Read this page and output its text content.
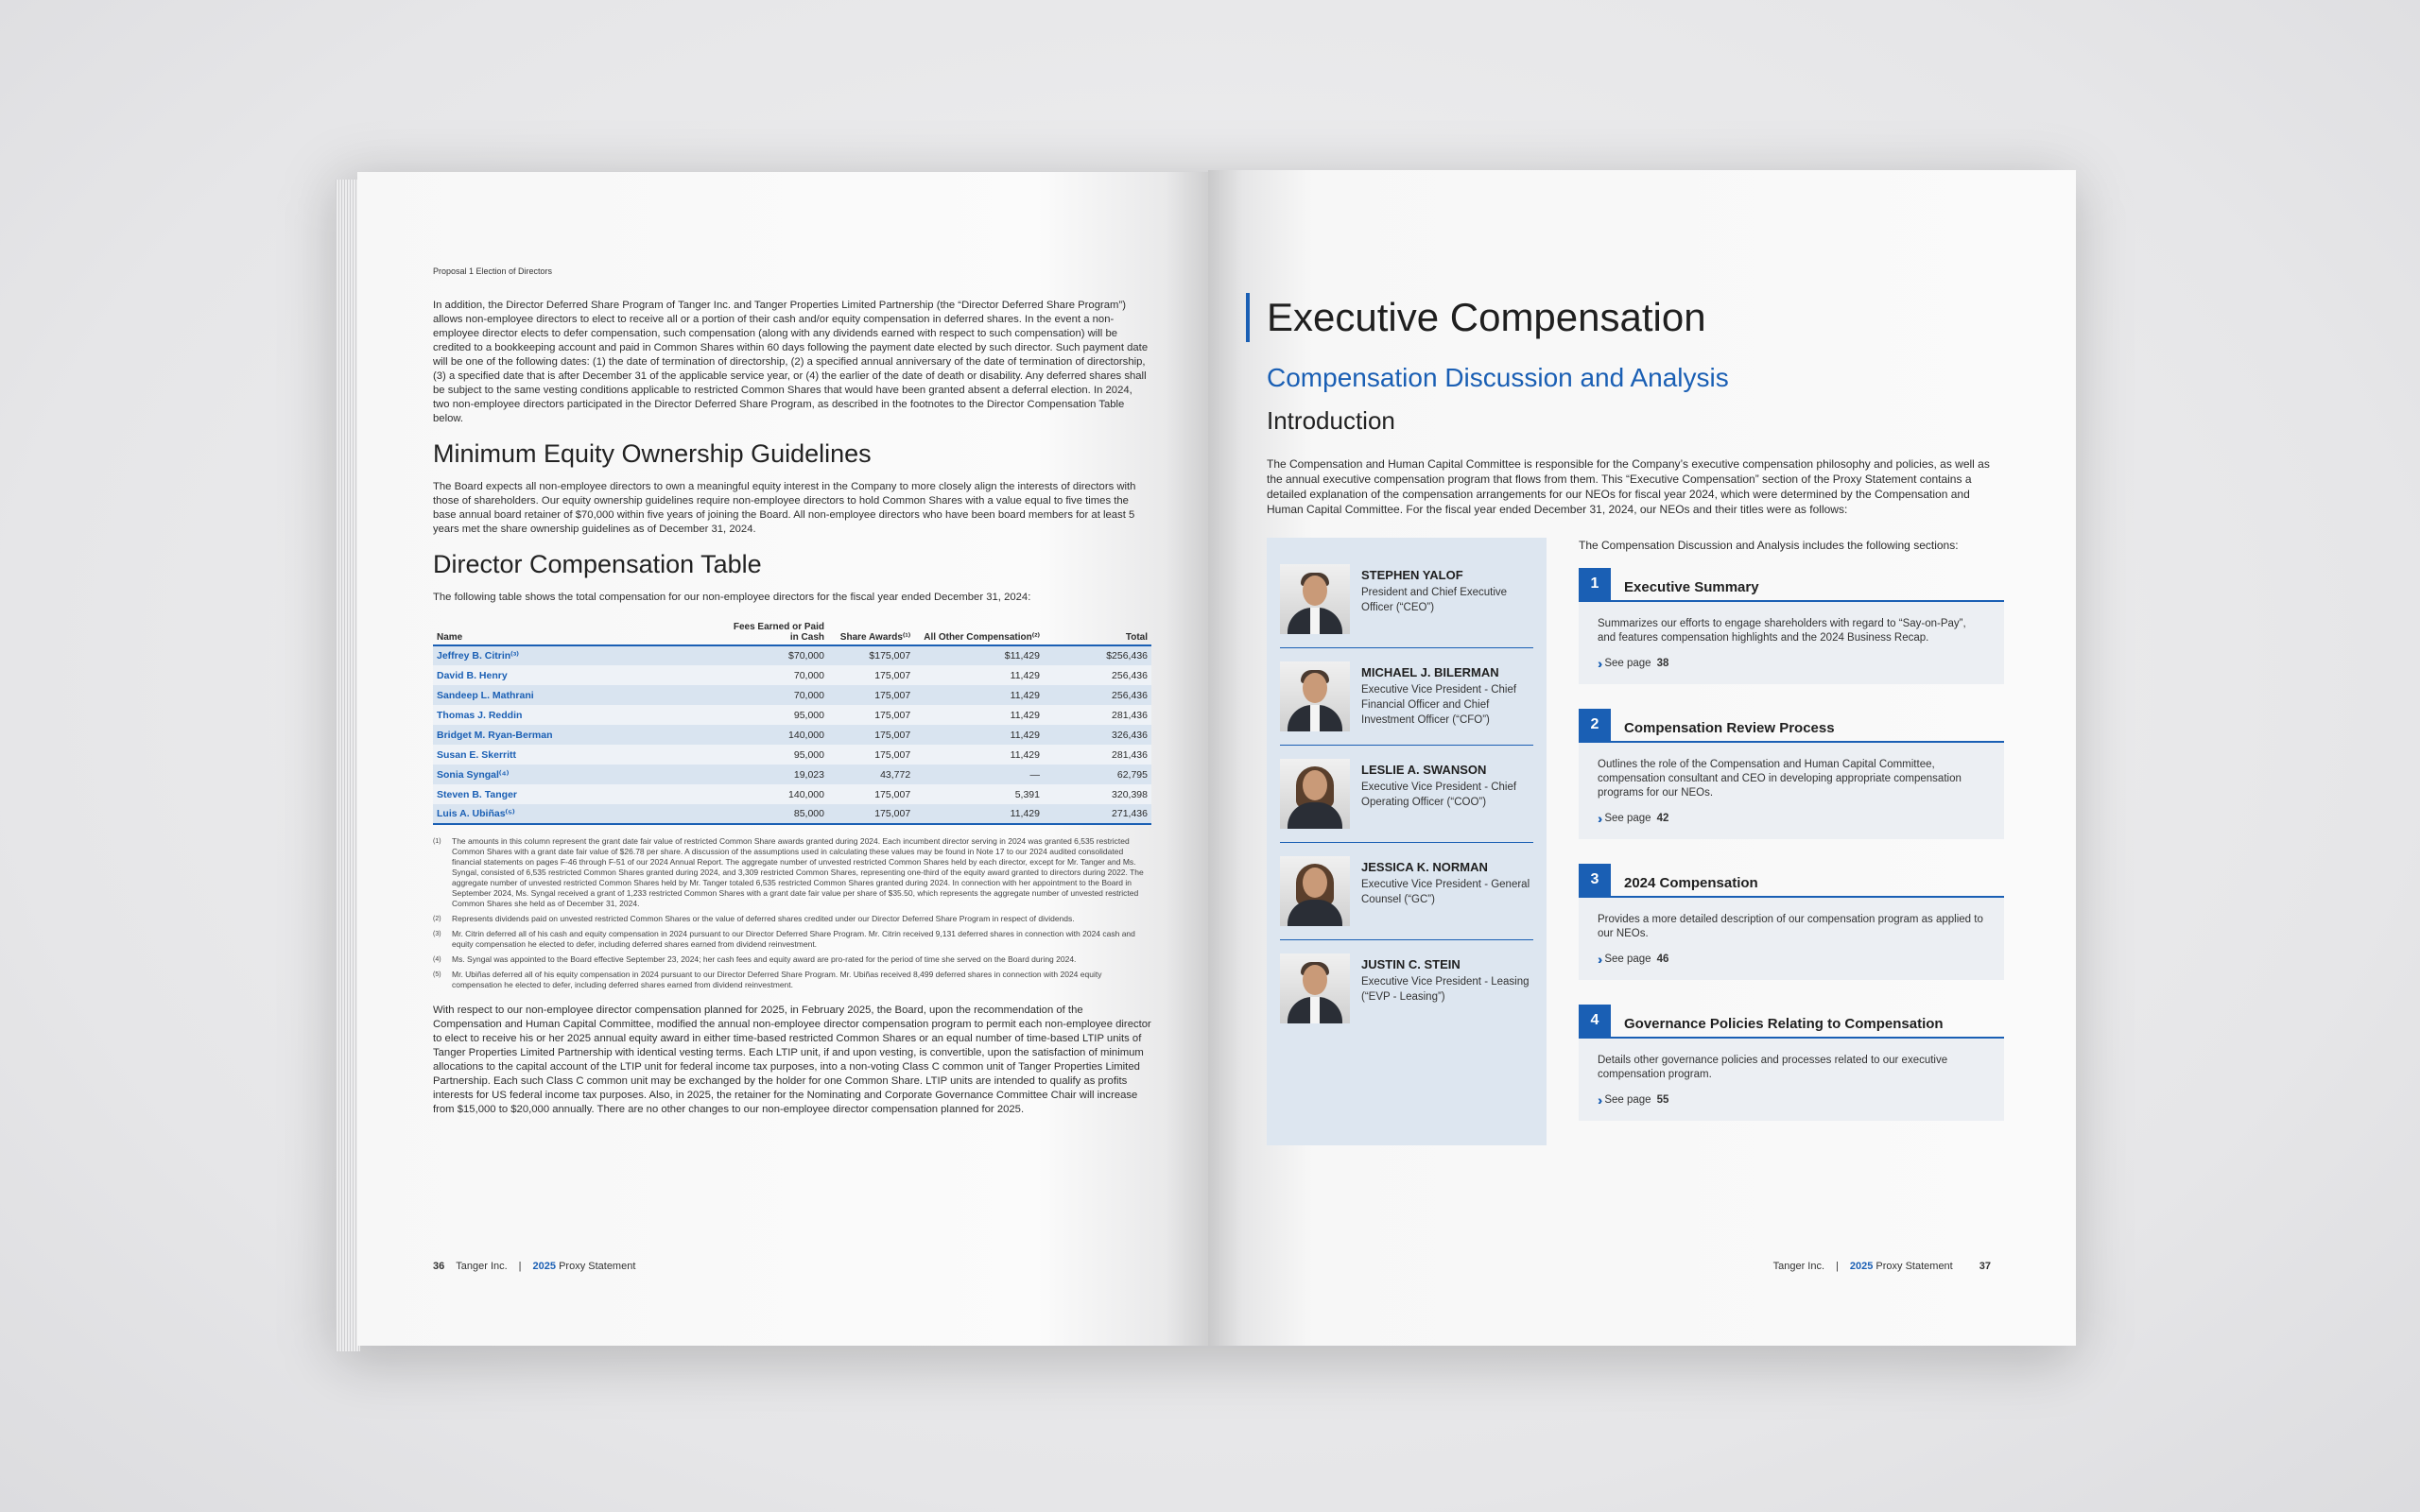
Proposal 1 Election of Directors

In addition, the Director Deferred Share Program of Tanger Inc. and Tanger Properties Limited Partnership (the “Director Deferred Share Program”) allows non-employee directors to elect to receive all or a portion of their cash and/or equity compensation in deferred shares. In the event a non-employee director elects to defer compensation, such compensation (along with any dividends earned with respect to such compensation) will be credited to a bookkeeping account and paid in Common Shares within 60 days following the payment date elected by such director. Such payment date will be one of the following dates: (1) the date of termination of directorship, (2) a specified annual anniversary of the date of termination of directorship, (3) a specified date that is after December 31 of the applicable service year, or (4) the earlier of the date of death or disability. Any deferred shares shall be subject to the same vesting conditions applicable to restricted Common Shares that would have been granted absent a deferral election. In 2024, two non-employee directors participated in the Director Deferred Share Program, as described in the footnotes to the Director Compensation Table below.

Minimum Equity Ownership Guidelines

The Board expects all non-employee directors to own a meaningful equity interest in the Company to more closely align the interests of directors with those of shareholders. Our equity ownership guidelines require non-employee directors to hold Common Shares with a value equal to five times the base annual board retainer of $70,000 within five years of joining the Board. All non-employee directors who have been board members for at least 5 years met the share ownership guidelines as of December 31, 2024.

Director Compensation Table

The following table shows the total compensation for our non-employee directors for the fiscal year ended December 31, 2024:

Name	Fees Earned or Paid in Cash	Share Awards⁽¹⁾	All Other Compensation⁽²⁾	Total
Jeffrey B. Citrin⁽³⁾	$70,000	$175,007	$11,429	$256,436
David B. Henry	70,000	175,007	11,429	256,436
Sandeep L. Mathrani	70,000	175,007	11,429	256,436
Thomas J. Reddin	95,000	175,007	11,429	281,436
Bridget M. Ryan-Berman	140,000	175,007	11,429	326,436
Susan E. Skerritt	95,000	175,007	11,429	281,436
Sonia Syngal⁽⁴⁾	19,023	43,772	—	62,795
Steven B. Tanger	140,000	175,007	5,391	320,398
Luis A. Ubiñas⁽⁵⁾	85,000	175,007	11,429	271,436
(1) The amounts in this column represent the grant date fair value of restricted Common Share awards granted during 2024. Each incumbent director serving in 2024 was granted 6,535 restricted Common Shares with a grant date fair value of $26.78 per share. A discussion of the assumptions used in calculating these values may be found in Note 17 to our 2024 audited consolidated financial statements on pages F-46 through F-51 of our 2024 Annual Report. The aggregate number of unvested restricted Common Shares held by each director, except for Mr. Tanger and Ms. Syngal, consisted of 6,535 restricted Common Shares granted during 2024, and 3,309 restricted Common Shares, representing one-third of the equity award granted to directors during 2022. The aggregate number of unvested restricted Common Shares held by Mr. Tanger totaled 6,535 restricted Common Shares granted during 2024. In connection with her appointment to the Board in September 2024, Ms. Syngal received a grant of 1,233 restricted Common Shares with a grant date fair value per share of $35.50, which represents the aggregate number of unvested restricted Common Shares she held as of December 31, 2024.
(2) Represents dividends paid on unvested restricted Common Shares or the value of deferred shares credited under our Director Deferred Share Program in respect of dividends.
(3) Mr. Citrin deferred all of his cash and equity compensation in 2024 pursuant to our Director Deferred Share Program. Mr. Citrin received 9,131 deferred shares in connection with 2024 cash and equity compensation he elected to defer, including deferred shares earned from dividend reinvestment.
(4) Ms. Syngal was appointed to the Board effective September 23, 2024; her cash fees and equity award are pro-rated for the period of time she served on the Board during 2024.
(5) Mr. Ubiñas deferred all of his equity compensation in 2024 pursuant to our Director Deferred Share Program. Mr. Ubiñas received 8,499 deferred shares in connection with 2024 equity compensation he elected to defer, including deferred shares earned from dividend reinvestment.

With respect to our non-employee director compensation planned for 2025, in February 2025, the Board, upon the recommendation of the Compensation and Human Capital Committee, modified the annual non-employee director compensation program to permit each non-employee director to elect to receive his or her 2025 annual equity award in either time-based restricted Common Shares or an equal number of time-based LTIP units of Tanger Properties Limited Partnership with identical vesting terms. Each LTIP unit, if and upon vesting, is convertible, upon the satisfaction of minimum allocations to the capital account of the LTIP unit for federal income tax purposes, into a non-voting Class C common unit of Tanger Properties Limited Partnership. Each such Class C common unit may be exchanged by the holder for one Common Share. LTIP units are intended to qualify as profits interests for US federal income tax purposes. Also, in 2025, the retainer for the Nominating and Corporate Governance Committee Chair will increase from $15,000 to $20,000 annually. There are no other changes to our non-employee director compensation planned for 2025.

36 Tanger Inc. | 2025 Proxy Statement
Executive Compensation
Compensation Discussion and Analysis
Introduction

The Compensation and Human Capital Committee is responsible for the Company’s executive compensation philosophy and policies, as well as the annual executive compensation program that flows from them. This “Executive Compensation” section of the Proxy Statement contains a detailed explanation of the compensation arrangements for our NEOs for fiscal year 2024, which were determined by the Compensation and Human Capital Committee. For the fiscal year ended December 31, 2024, our NEOs and their titles were as follows:

STEPHEN YALOF
President and Chief Executive Officer (“CEO”)
MICHAEL J. BILERMAN
Executive Vice President - Chief Financial Officer and Chief Investment Officer (“CFO”)
LESLIE A. SWANSON
Executive Vice President - Chief Operating Officer (“COO”)
JESSICA K. NORMAN
Executive Vice President - General Counsel (“GC”)
JUSTIN C. STEIN
Executive Vice President - Leasing (“EVP - Leasing”)

The Compensation Discussion and Analysis includes the following sections:

1	Executive Summary
Summarizes our efforts to engage shareholders with regard to “Say-on-Pay”, and features compensation highlights and the 2024 Business Recap.
›› See page 38
2	Compensation Review Process
Outlines the role of the Compensation and Human Capital Committee, compensation consultant and CEO in developing appropriate compensation programs for our NEOs.
›› See page 42
3	2024 Compensation
Provides a more detailed description of our compensation program as applied to our NEOs.
›› See page 46
4	Governance Policies Relating to Compensation
Details other governance policies and processes related to our executive compensation program.
›› See page 55
Tanger Inc. | 2025 Proxy Statement	37
